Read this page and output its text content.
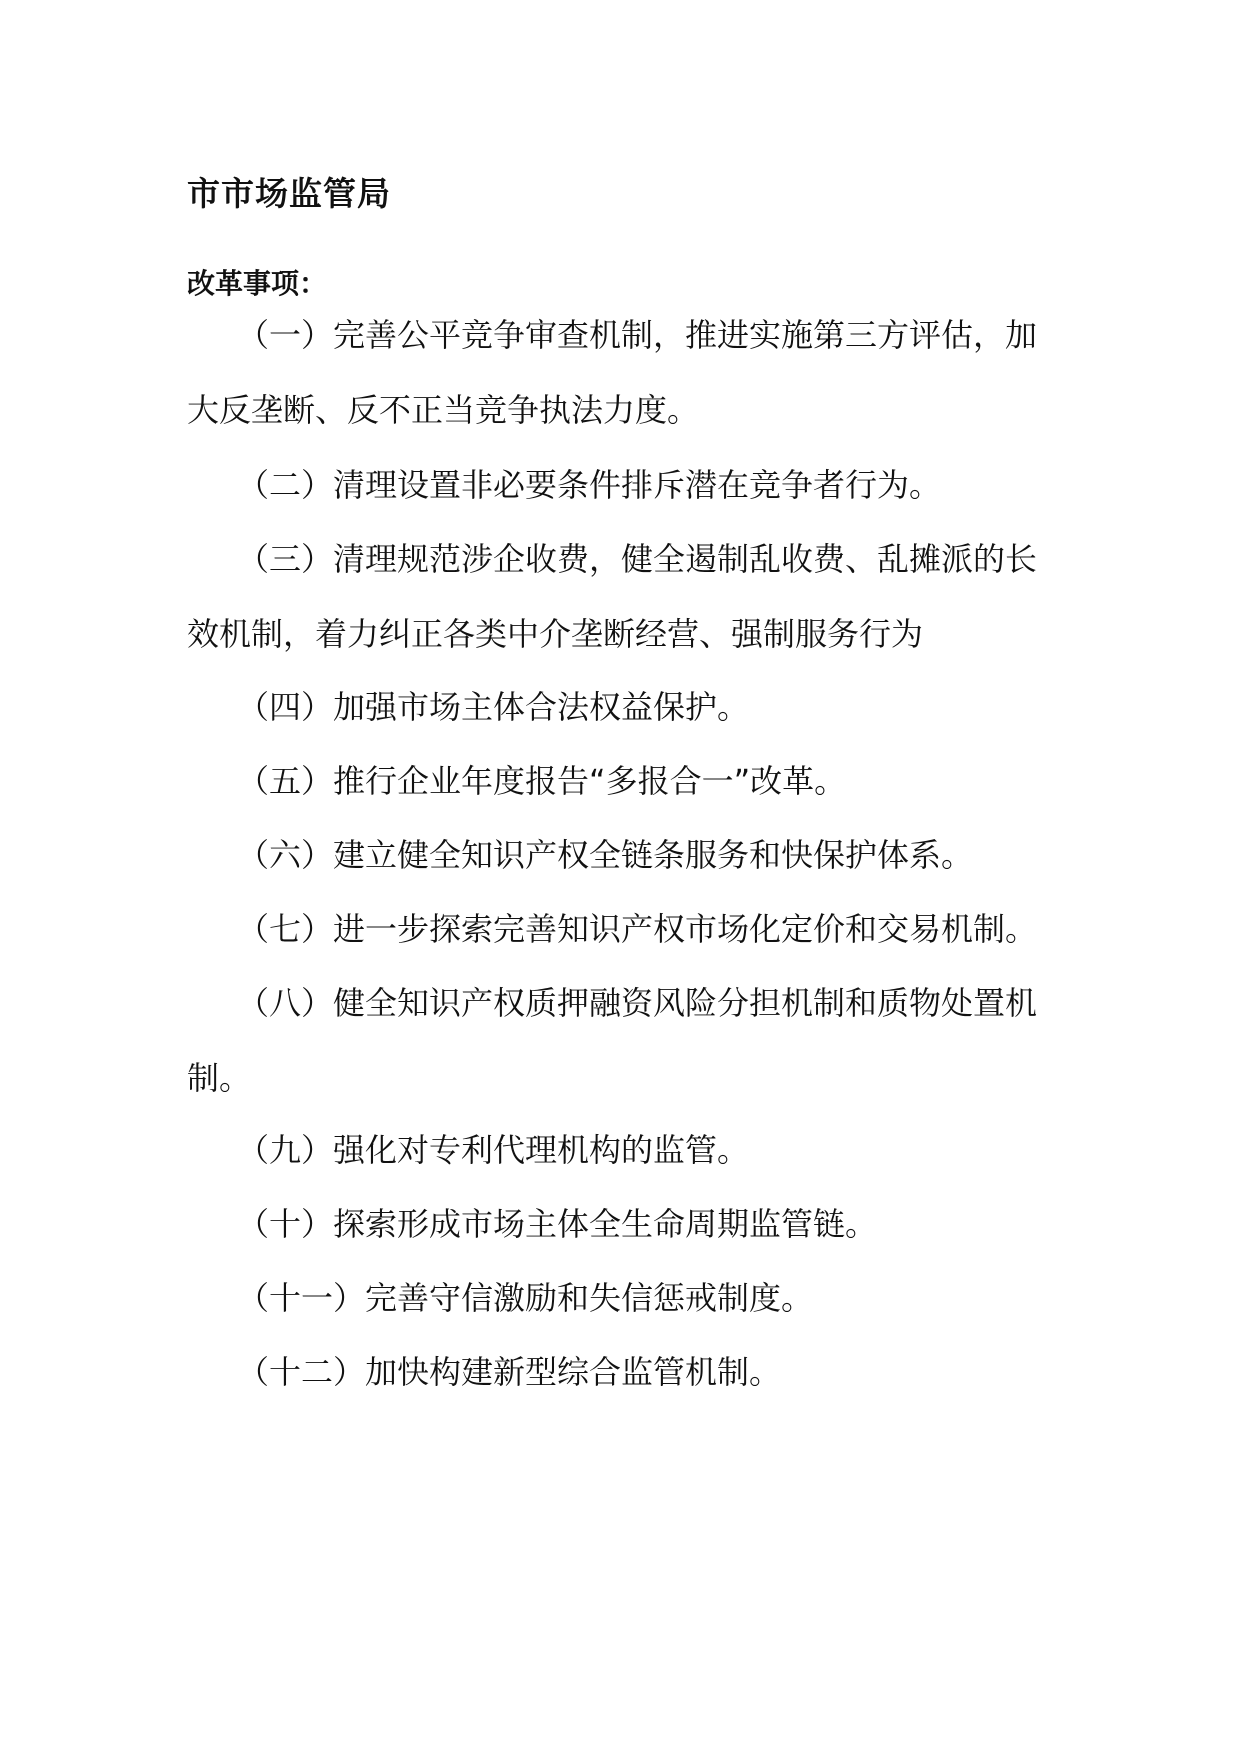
市市场监管局
改革事项：

（一）完善公平竞争审查机制，推进实施第三方评估，加大反垄断、反不正当竞争执法力度。

（二）清理设置非必要条件排斥潜在竞争者行为。

（三）清理规范涉企收费，健全遏制乱收费、乱摊派的长效机制，着力纠正各类中介垄断经营、强制服务行为

（四）加强市场主体合法权益保护。

（五）推行企业年度报告“多报合一”改革。

（六）建立健全知识产权全链条服务和快保护体系。

（七）进一步探索完善知识产权市场化定价和交易机制。

（八）健全知识产权质押融资风险分担机制和质物处置机制。

（九）强化对专利代理机构的监管。

（十）探索形成市场主体全生命周期监管链。

（十一）完善守信激励和失信惩戒制度。

（十二）加快构建新型综合监管机制。
